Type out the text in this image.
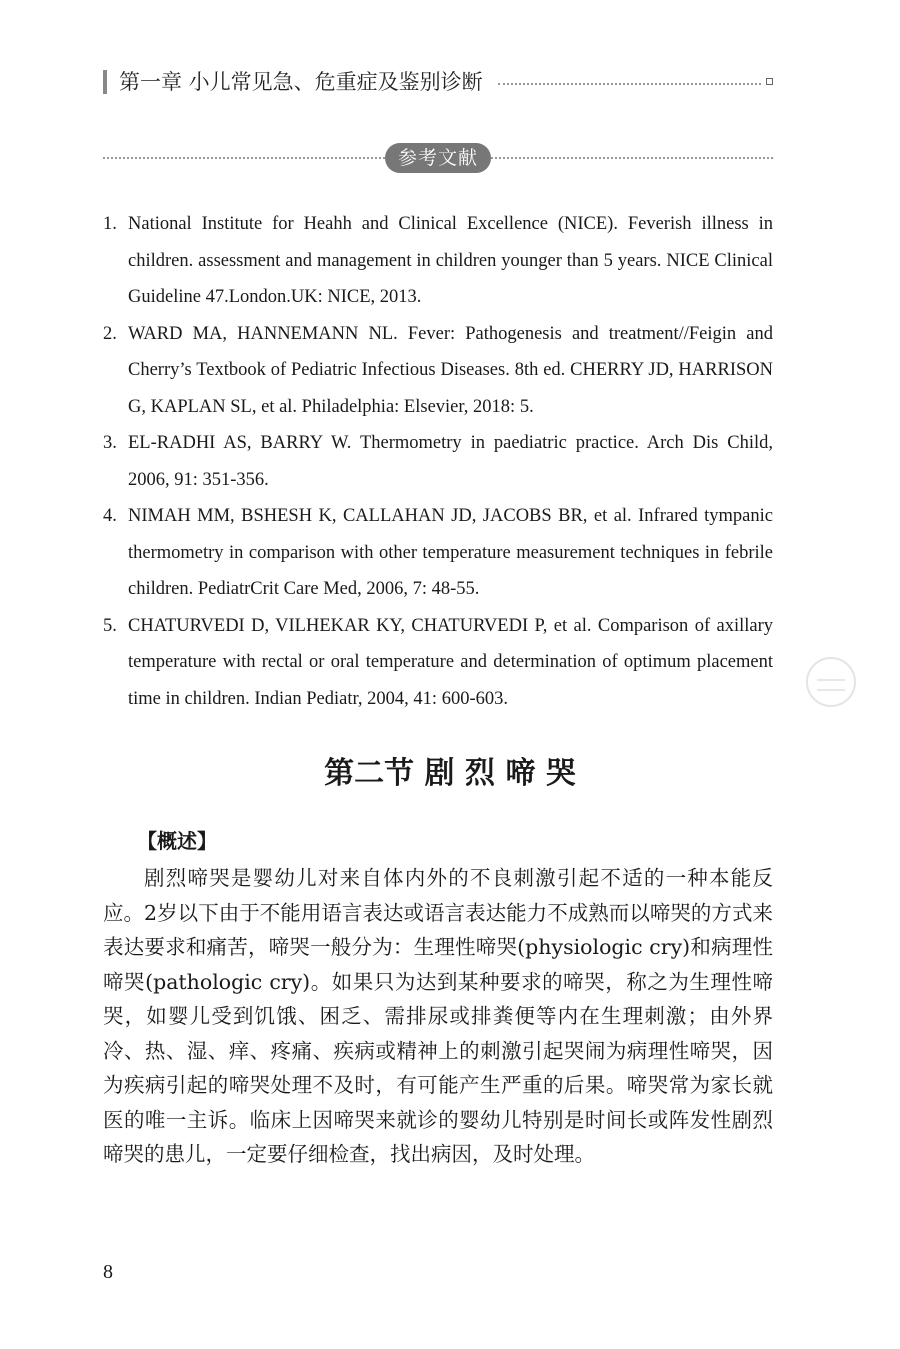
第一章 小儿常见急、危重症及鉴别诊断
参考文献
1. National Institute for Heahh and Clinical Excellence (NICE). Feverish illness in children. assessment and management in children younger than 5 years. NICE Clinical Guideline 47.London.UK: NICE, 2013.
2. WARD MA, HANNEMANN NL. Fever: Pathogenesis and treatment//Feigin and Cherry’s Textbook of Pediatric Infectious Diseases. 8th ed. CHERRY JD, HARRISON G, KAPLAN SL, et al. Philadelphia: Elsevier, 2018: 5.
3. EL-RADHI AS, BARRY W. Thermometry in paediatric practice. Arch Dis Child, 2006, 91: 351-356.
4. NIMAH MM, BSHESH K, CALLAHAN JD, JACOBS BR, et al. Infrared tympanic thermometry in comparison with other temperature measurement techniques in febrile children. PediatrCrit Care Med, 2006, 7: 48-55.
5. CHATURVEDI D, VILHEKAR KY, CHATURVEDI P, et al. Comparison of axillary temperature with rectal or oral temperature and determination of optimum placement time in children. Indian Pediatr, 2004, 41: 600-603.
第二节 剧 烈 啼 哭
【概述】
剧烈啼哭是婴幼儿对来自体内外的不良刺激引起不适的一种本能反应。2岁以下由于不能用语言表达或语言表达能力不成熟而以啼哭的方式来表达要求和痛苦，啼哭一般分为：生理性啼哭(physiologic cry)和病理性啼哭(pathologic cry)。如果只为达到某种要求的啼哭，称之为生理性啼哭，如婴儿受到饥饿、困乏、需排尿或排粪便等内在生理刺激；由外界冷、热、湿、痒、疼痛、疾病或精神上的刺激引起哭闹为病理性啼哭，因为疾病引起的啼哭处理不及时，有可能产生严重的后果。啼哭常为家长就医的唯一主诉。临床上因啼哭来就诊的婴幼儿特别是时间长或阵发性剧烈啼哭的患儿，一定要仔细检查，找出病因，及时处理。
8
